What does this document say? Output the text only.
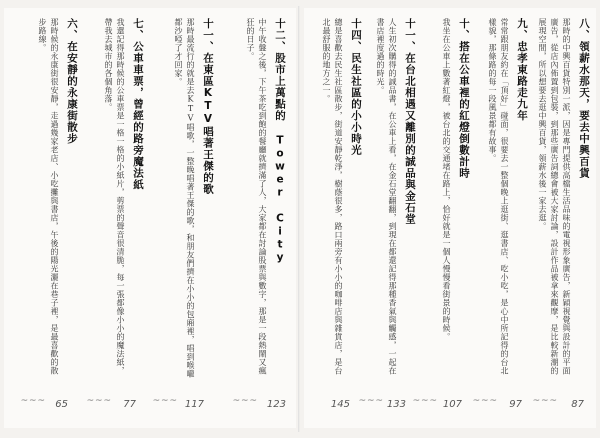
八、領薪水那天，要去中興百貨
那時的中興百貨特別一派，因是專門提供高檔生活品味的電視形象廣告，新穎視覺與設計的平面廣告，從店內佈置到包裝，到那些廣告詞總會被大家討論，設計作品被拿來觀摩，是比較新潮的展現空間，所以想要去逛中興百貨，領薪水後一家去逛。
87
~ ~ ~
九、忠孝東路走九年
常常跟朋友約在「頂好」碰面，很要去一整個晚上逛街、逛書店、吃小吃，是心中所記得的台北樣貌，那條路的每一段風景都有故事。
97
~ ~ ~
十、搭在公車裡的紅燈倒數計時
我坐在公車上數著紅燈，被台北的交通堵在路上，恰好就是一個人慢慢看街景的時候。
107
~ ~ ~
十一、在台北相遇又離別的誠品與金石堂
人生初次購得的誠品書，在公車上看，在金石堂翻翻，到現在都還記得那種香氣與觸感，一起在書店裡度過的時光。
133
~ ~ ~
十四、民生社區的小小時光
總是喜歡去民生社區散步，街道安靜乾淨，樹蔭很多，路口兩旁有小小的咖啡店與雜貨店，是台北最舒服的地方之一。
145
十二、股市上萬點的 Tower City
中午收盤之後，下午茶吃到飽的餐廳就擠滿了人，大家都在討論股票與數字，那是一段熱鬧又瘋狂的日子。
123
~ ~ ~
十一、在東區KTV唱著王傑的歌
那時最流行的就是去KTV唱歌，一整晚唱著王傑的歌，和朋友們擠在小小的包廂裡，唱到喉嚨都沙啞了才回家。
117
~ ~ ~
七、公車車票，曾經的路旁魔法紙
我還記得那時候的公車票是一格一格的小紙片，剪票的聲音很清脆，每一張都像小小的魔法紙，帶我去城市的各個角落。
77
~ ~ ~
六、在安靜的永康街散步
那時候的永康街很安靜，走過幾家老店、小吃攤與書店，午後的陽光灑在巷子裡，是最喜歡的散步路線。
65
~ ~ ~
